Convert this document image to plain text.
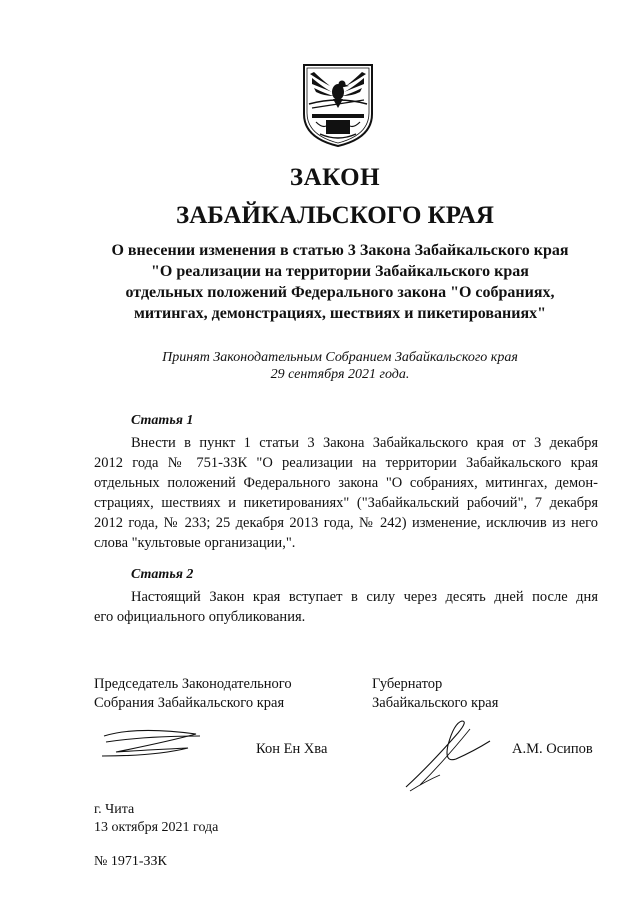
ЗАКОН
ЗАБАЙКАЛЬСКОГО КРАЯ
О внесении изменения в статью 3 Закона Забайкальского края
"О реализации на территории Забайкальского края
отдельных положений Федерального закона "О собраниях,
митингах, демонстрациях, шествиях и пикетированиях"
Принят Законодательным Собранием Забайкальского края
29 сентября 2021 года.
Статья 1
Внести в пункт 1 статьи 3 Закона Забайкальского края от 3 декабря
2012 года № 751-ЗЗК "О реализации на территории Забайкальского края
отдельных положений Федерального закона "О собраниях, митингах, демон-
страциях, шествиях и пикетированиях" ("Забайкальский рабочий", 7 декабря
2012 года, № 233; 25 декабря 2013 года, № 242) изменение, исключив из него
слова "культовые организации,".
Статья 2
Настоящий Закон края вступает в силу через десять дней после дня
его официального опубликования.
Председатель Законодательного
Собрания Забайкальского края
Кон Ен Хва
Губернатор
Забайкальского края
А.М. Осипов
г. Чита
13 октября 2021 года
№ 1971-ЗЗК
